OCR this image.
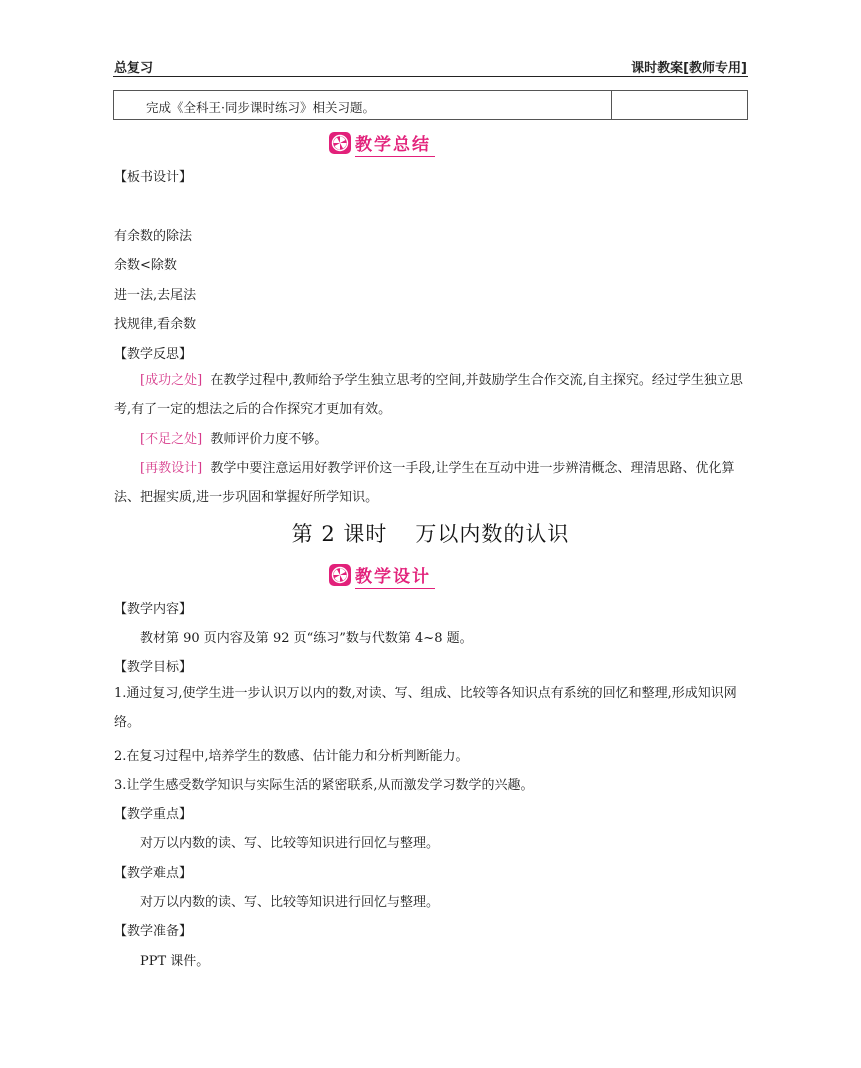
总复习	课时教案[教师专用]
完成《全科王·同步课时练习》相关习题。
教学总结
【板书设计】
有余数的除法
余数<除数
进一法,去尾法
找规律,看余数
【教学反思】
[成功之处] 在教学过程中,教师给予学生独立思考的空间,并鼓励学生合作交流,自主探究。经过学生独立思考,有了一定的想法之后的合作探究才更加有效。
[不足之处] 教师评价力度不够。
[再教设计] 教学中要注意运用好教学评价这一手段,让学生在互动中进一步辨清概念、理清思路、优化算法、把握实质,进一步巩固和掌握好所学知识。
第 2 课时 万以内数的认识
教学设计
【教学内容】
教材第 90 页内容及第 92 页“练习”数与代数第 4~8 题。
【教学目标】
1.通过复习,使学生进一步认识万以内的数,对读、写、组成、比较等各知识点有系统的回忆和整理,形成知识网络。
2.在复习过程中,培养学生的数感、估计能力和分析判断能力。
3.让学生感受数学知识与实际生活的紧密联系,从而激发学习数学的兴趣。
【教学重点】
对万以内数的读、写、比较等知识进行回忆与整理。
【教学难点】
对万以内数的读、写、比较等知识进行回忆与整理。
【教学准备】
PPT 课件。
